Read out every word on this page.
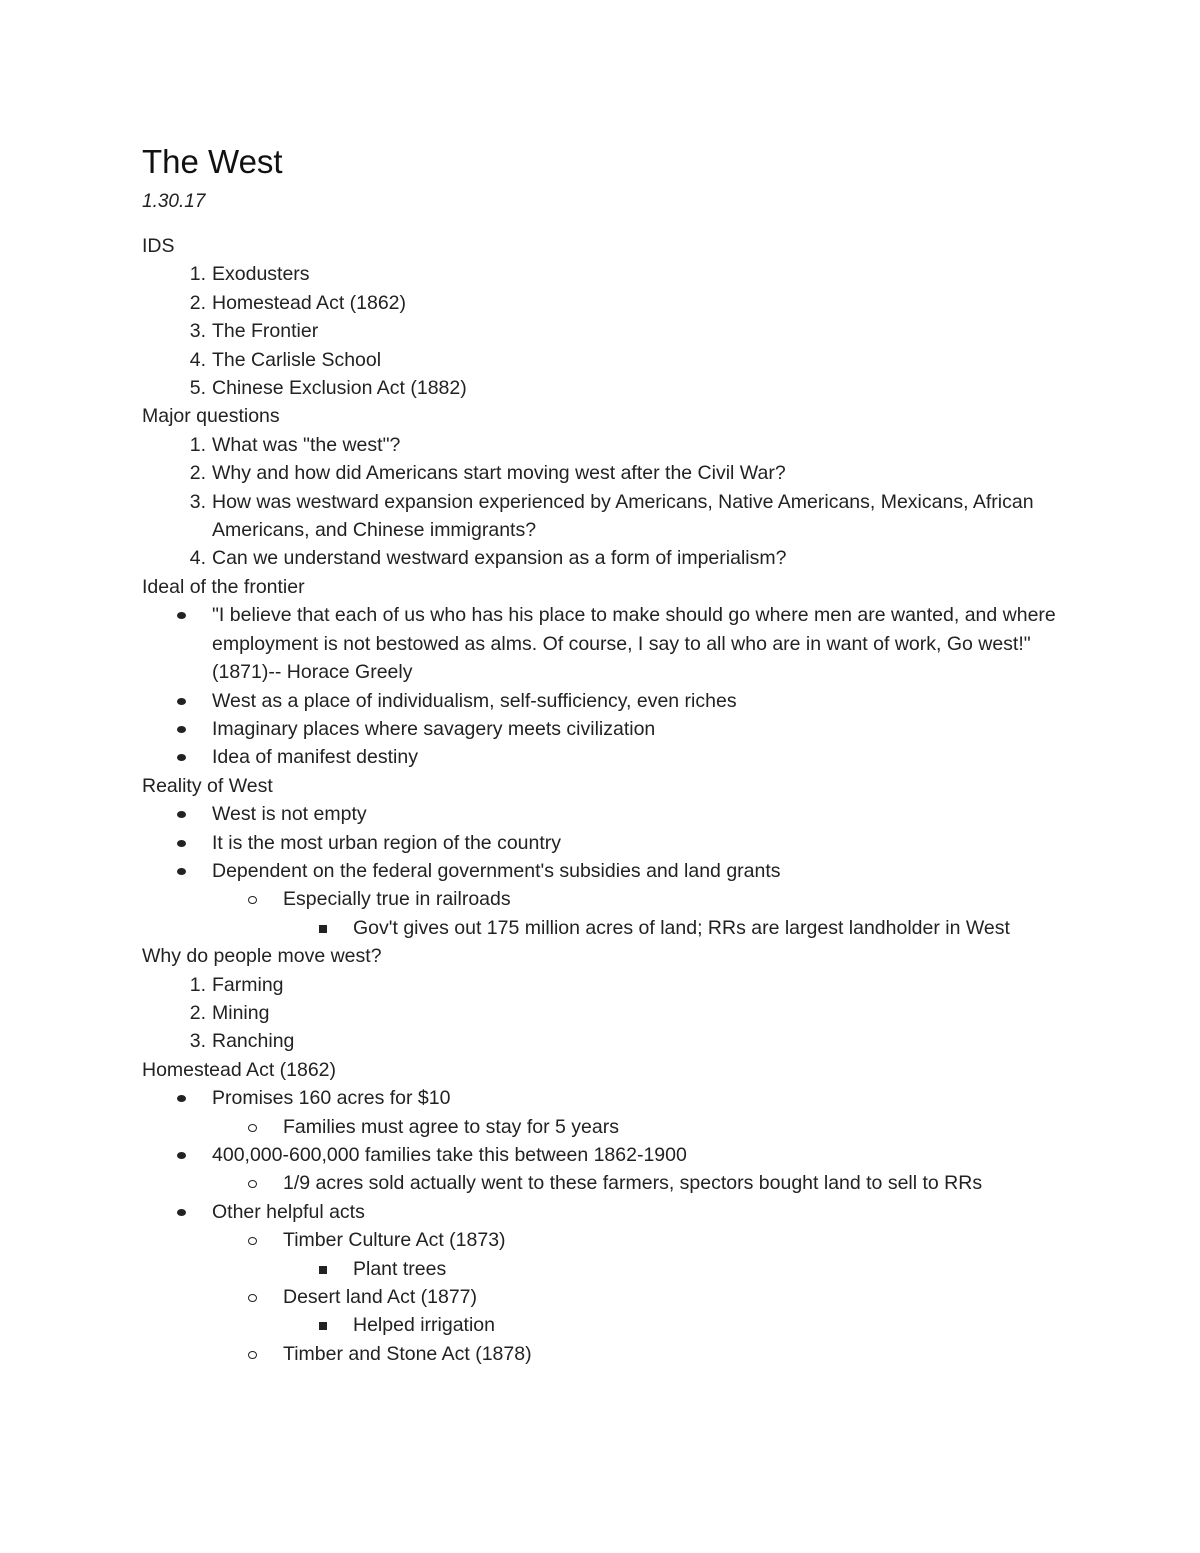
The West

1.30.17

IDS

1. Exodusters
2. Homestead Act (1862)
3. The Frontier
4. The Carlisle School
5. Chinese Exclusion Act (1882)

Major questions

1. What was "the west"?
2. Why and how did Americans start moving west after the Civil War?
3. How was westward expansion experienced by Americans, Native Americans, Mexicans, African Americans, and Chinese immigrants?
4. Can we understand westward expansion as a form of imperialism?

Ideal of the frontier

"I believe that each of us who has his place to make should go where men are wanted, and where employment is not bestowed as alms. Of course, I say to all who are in want of work, Go west!" (1871)-- Horace Greely
West as a place of individualism, self-sufficiency, even riches
Imaginary places where savagery meets civilization
Idea of manifest destiny

Reality of West

West is not empty
It is the most urban region of the country
Dependent on the federal government's subsidies and land grants
Especially true in railroads
Gov't gives out 175 million acres of land; RRs are largest landholder in West

Why do people move west?

1. Farming
2. Mining
3. Ranching

Homestead Act (1862)

Promises 160 acres for $10
Families must agree to stay for 5 years
400,000-600,000 families take this between 1862-1900
1/9 acres sold actually went to these farmers, spectors bought land to sell to RRs
Other helpful acts
Timber Culture Act (1873)
Plant trees
Desert land Act (1877)
Helped irrigation
Timber and Stone Act (1878)
